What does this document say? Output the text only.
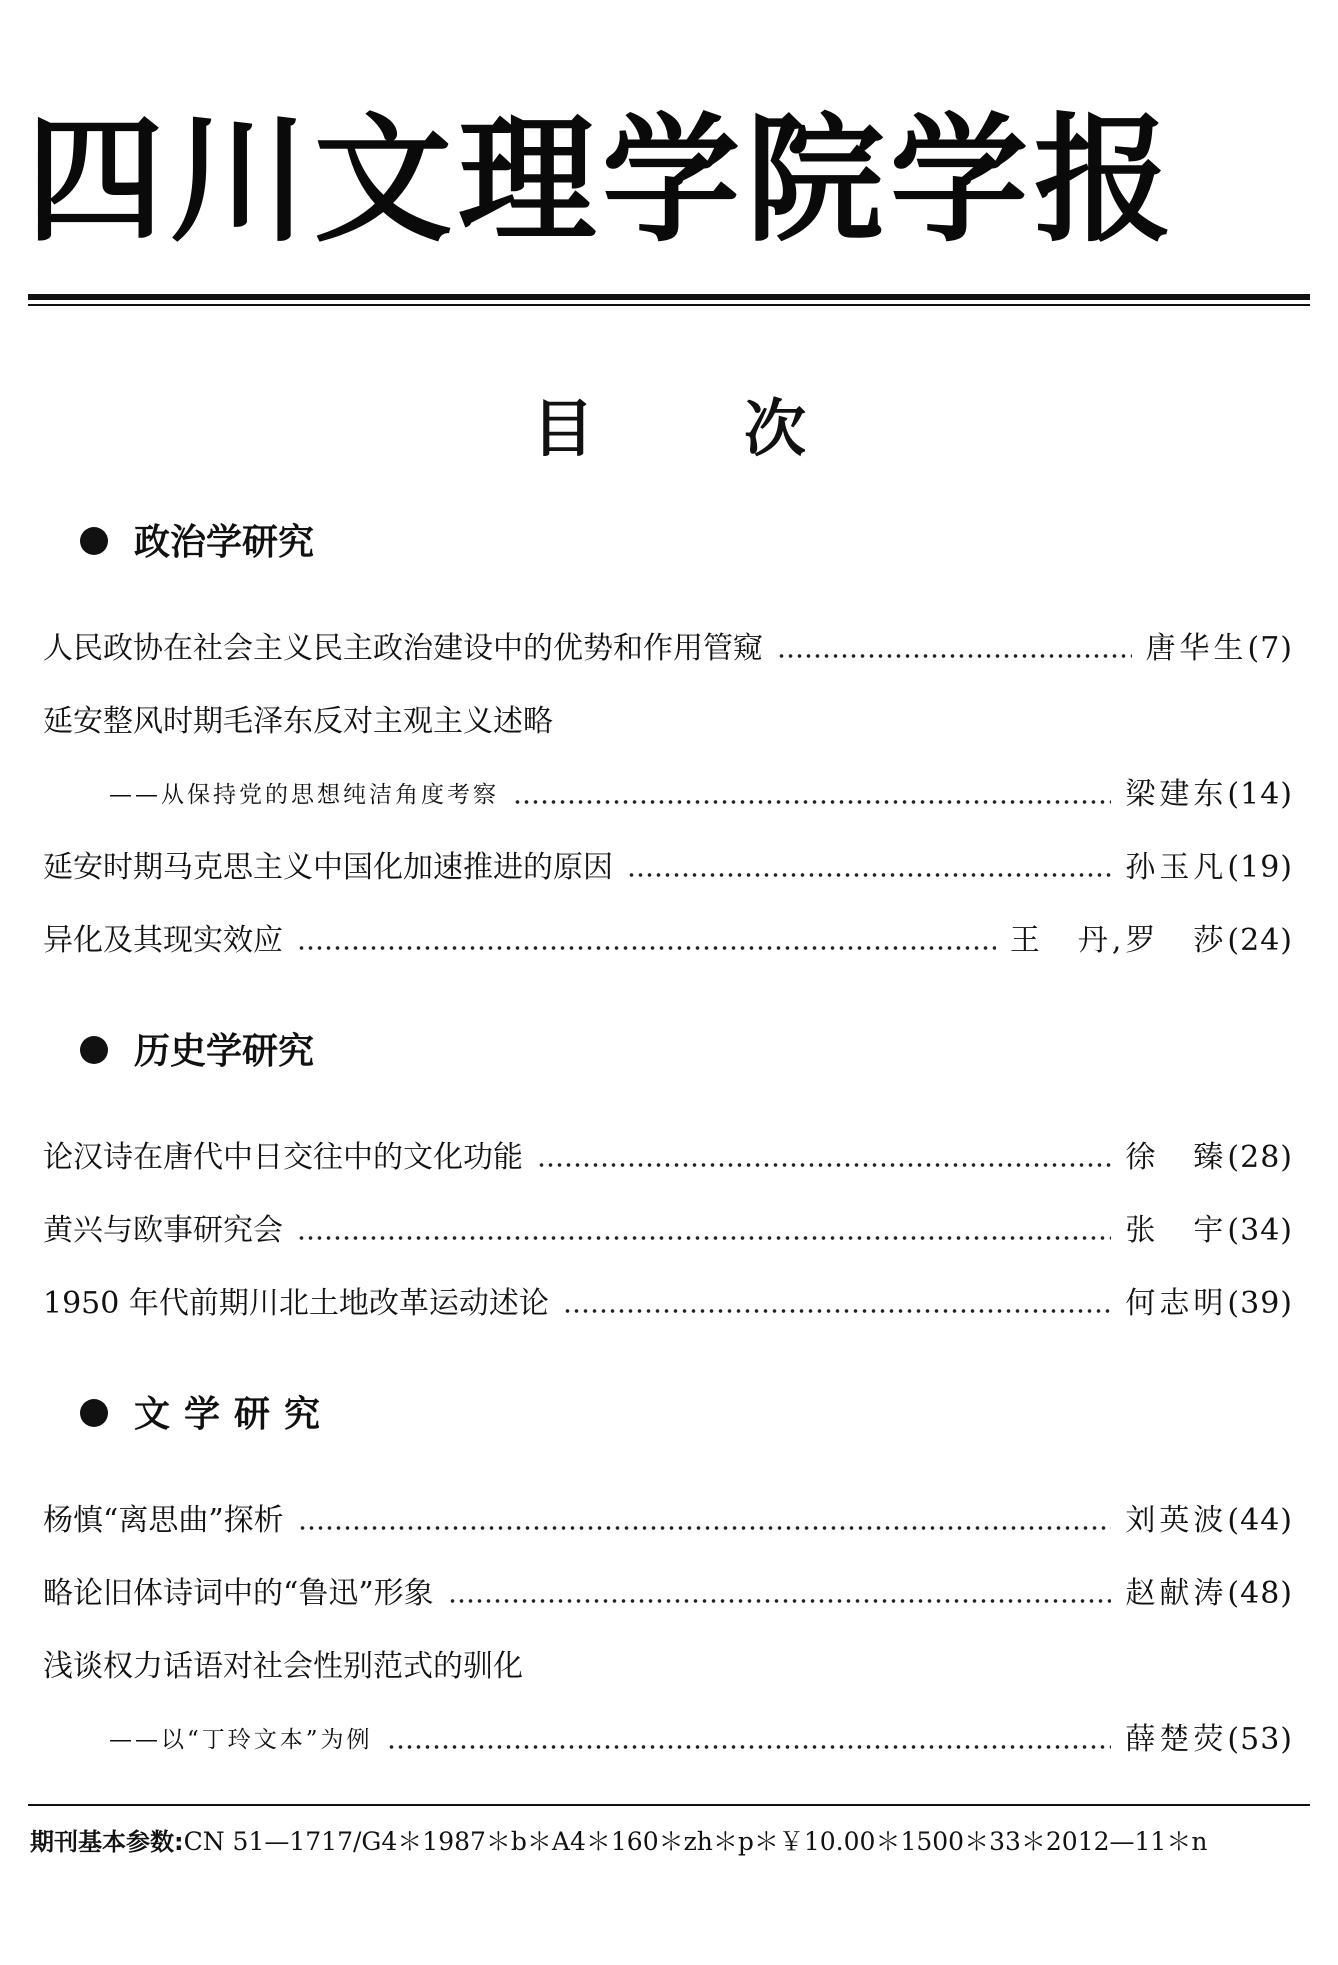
四川文理学院学报
目次
政治学研究
人民政协在社会主义民主政治建设中的优势和作用管窥	唐华生 (7)
延安整风时期毛泽东反对主观主义述略
——从保持党的思想纯洁角度考察	梁建东 (14)
延安时期马克思主义中国化加速推进的原因	孙玉凡 (19)
异化及其现实效应	王　丹,罗　莎 (24)
历史学研究
论汉诗在唐代中日交往中的文化功能	徐　臻 (28)
黄兴与欧事研究会	张　宇 (34)
1950 年代前期川北土地改革运动述论	何志明 (39)
文学研究
杨慎“离思曲”探析	刘英波 (44)
略论旧体诗词中的“鲁迅”形象	赵献涛 (48)
浅谈权力话语对社会性别范式的驯化
——以“丁玲文本”为例	薛楚荧 (53)
期刊基本参数:CN 51—1717/G4＊1987＊b＊A4＊160＊zh＊p＊￥10.00＊1500＊33＊2012—11＊n
